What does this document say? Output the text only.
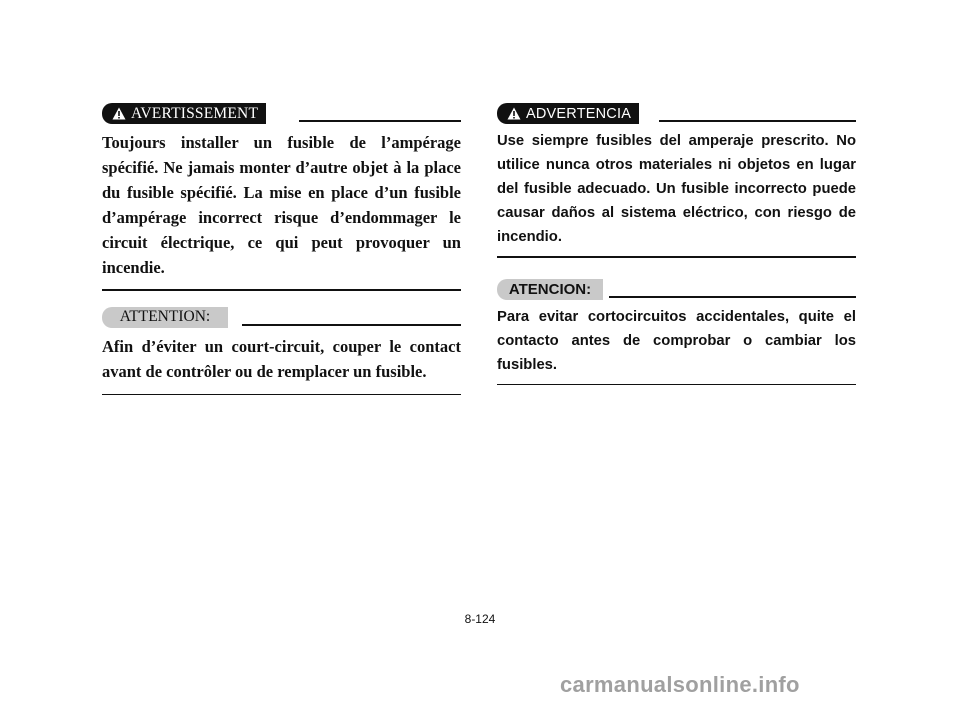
AVERTISSEMENT

Toujours installer un fusible de l’ampérage spécifié. Ne jamais monter d’autre objet à la place du fusible spécifié. La mise en place d’un fusible d’ampérage incorrect risque d’endommager le circuit électrique, ce qui peut provoquer un incendie.

ATTENTION:

Afin d’éviter un court-circuit, couper le contact avant de contrôler ou de remplacer un fusible.

ADVERTENCIA

Use siempre fusibles del amperaje prescrito. No utilice nunca otros materiales ni objetos en lugar del fusible adecuado. Un fusible incorrecto puede causar daños al sistema eléctrico, con riesgo de incendio.

ATENCION:

Para evitar cortocircuitos accidentales, quite el contacto antes de comprobar o cambiar los fusibles.

8-124
carmanualsonline.info
